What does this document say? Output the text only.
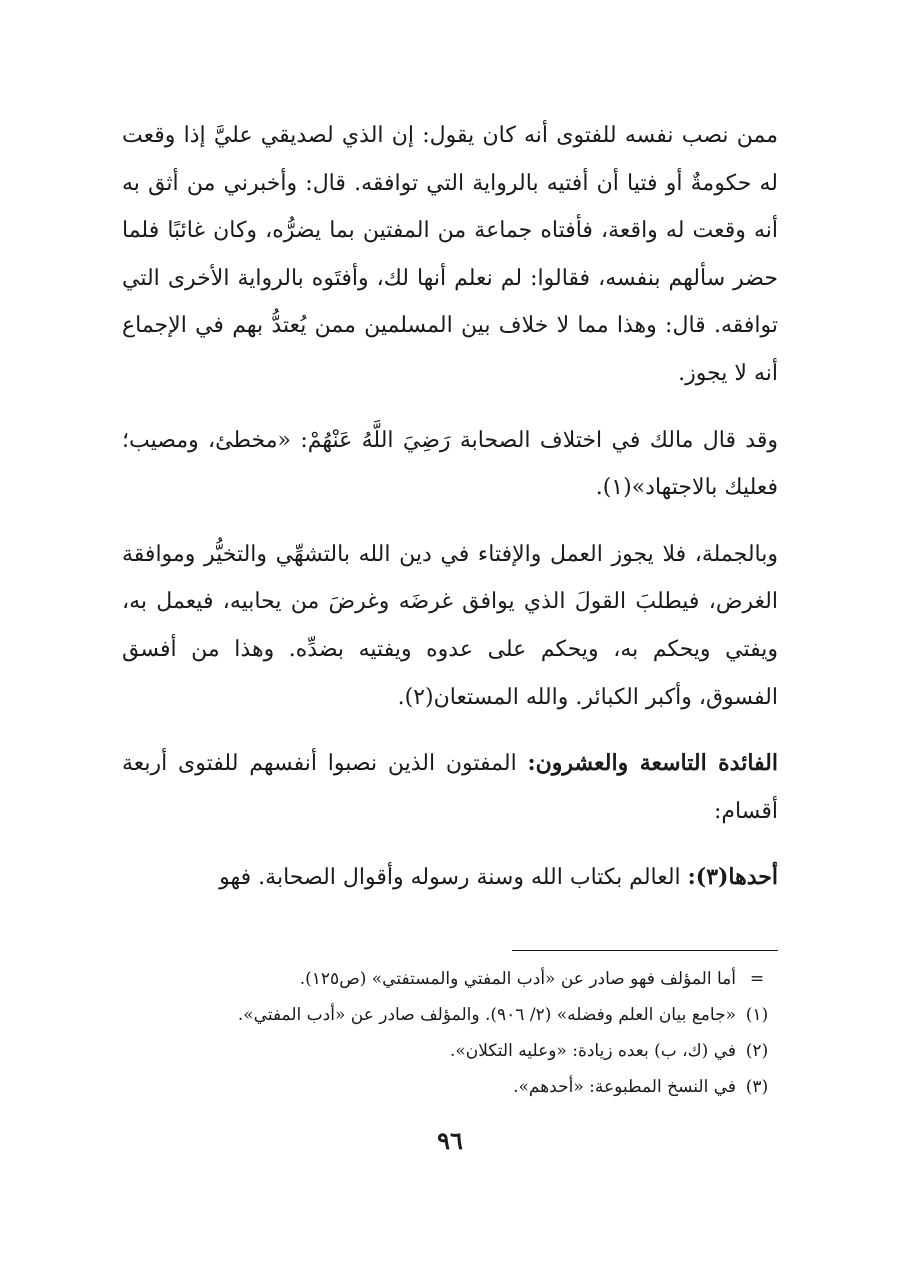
ممن نصب نفسه للفتوى أنه كان يقول: إن الذي لصديقي عليَّ إذا وقعت له حكومةٌ أو فتيا أن أفتيه بالرواية التي توافقه. قال: وأخبرني من أثق به أنه وقعت له واقعة، فأفتاه جماعة من المفتين بما يضرُّه، وكان غائبًا فلما حضر سألهم بنفسه، فقالوا: لم نعلم أنها لك، وأفتَوه بالرواية الأخرى التي توافقه. قال: وهذا مما لا خلاف بين المسلمين ممن يُعتدُّ بهم في الإجماع أنه لا يجوز.

وقد قال مالك في اختلاف الصحابة رَضِيَ اللَّهُ عَنْهُمْ: «مخطئ، ومصيب؛ فعليك بالاجتهاد»(١).

وبالجملة، فلا يجوز العمل والإفتاء في دين الله بالتشهِّي والتخيُّر وموافقة الغرض، فيطلبَ القولَ الذي يوافق غرضَه وغرضَ من يحابيه، فيعمل به، ويفتي ويحكم به، ويحكم على عدوه ويفتيه بضدِّه. وهذا من أفسق الفسوق، وأكبر الكبائر. والله المستعان(٢).

الفائدة التاسعة والعشرون: المفتون الذين نصبوا أنفسهم للفتوى أربعة أقسام:

أحدها(٣): العالم بكتاب الله وسنة رسوله وأقوال الصحابة. فهو

=
أما المؤلف فهو صادر عن «أدب المفتي والمستفتي» (ص١٢٥).

(١)
«جامع بيان العلم وفضله» (٢/ ٩٠٦). والمؤلف صادر عن «أدب المفتي».

(٢)
في (ك، ب) بعده زيادة: «وعليه التكلان».

(٣)
في النسخ المطبوعة: «أحدهم».

٩٦
